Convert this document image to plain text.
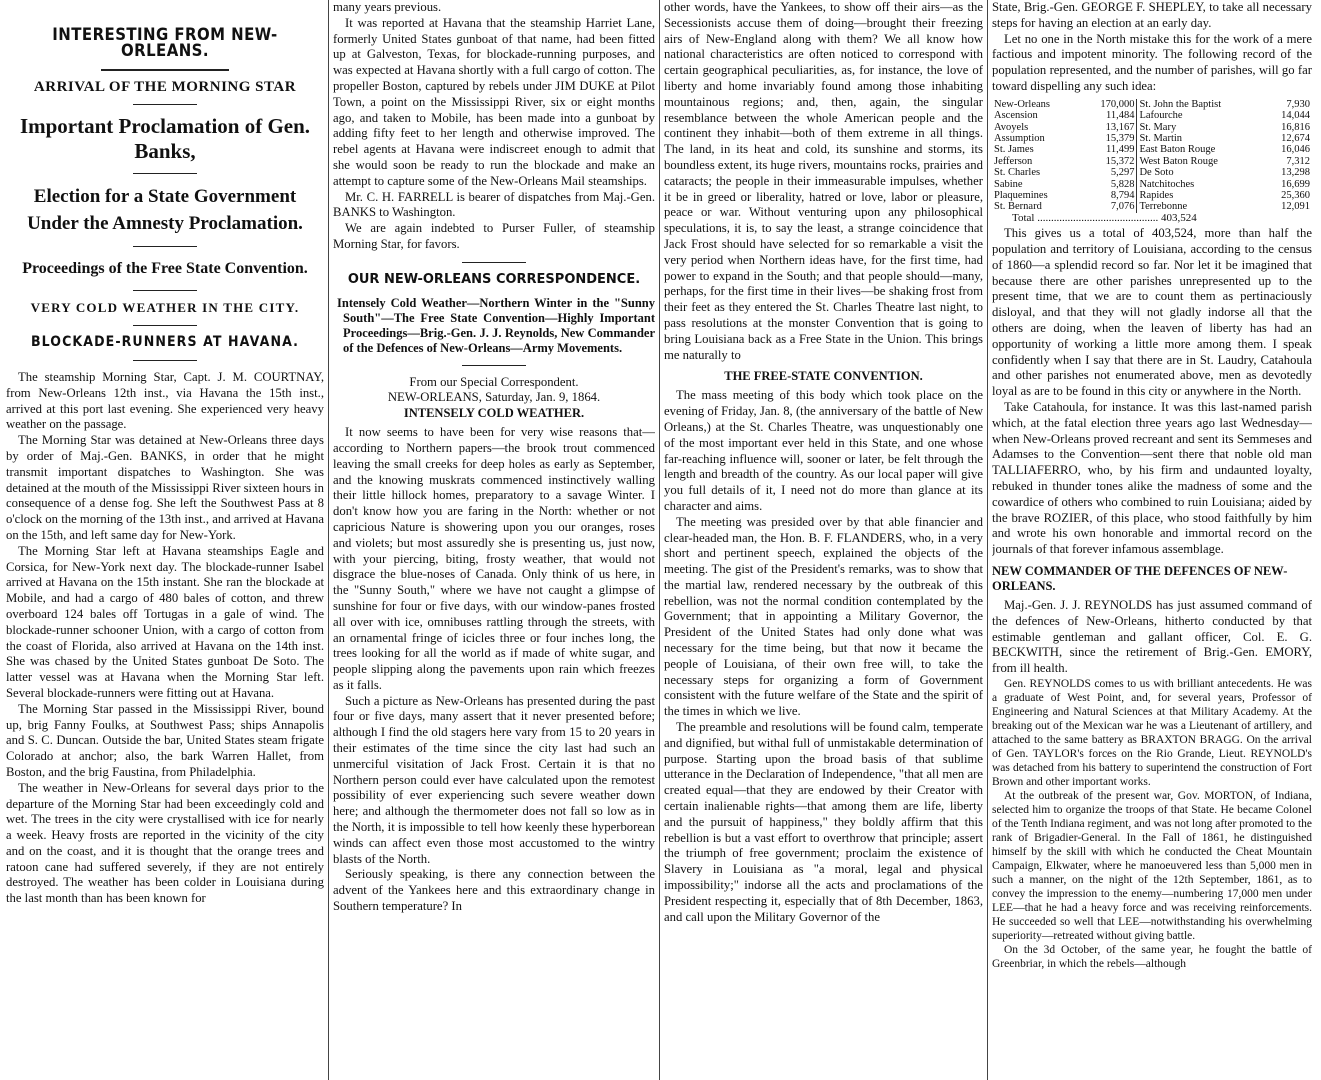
INTERESTING FROM NEW-ORLEANS.
ARRIVAL OF THE MORNING STAR
Important Proclamation of Gen. Banks,
Election for a State Government Under the Amnesty Proclamation.
Proceedings of the Free State Convention.
VERY COLD WEATHER IN THE CITY.
BLOCKADE-RUNNERS AT HAVANA.

The steamship Morning Star, Capt. J. M. COURTNAY, from New-Orleans 12th inst., via Havana the 15th inst., arrived at this port last evening. She experienced very heavy weather on the passage.

The Morning Star was detained at New-Orleans three days by order of Maj.-Gen. BANKS, in order that he might transmit important dispatches to Washington. She was detained at the mouth of the Mississippi River sixteen hours in consequence of a dense fog. She left the Southwest Pass at 8 o'clock on the morning of the 13th inst., and arrived at Havana on the 15th, and left same day for New-York.

The Morning Star left at Havana steamships Eagle and Corsica, for New-York next day. The blockade-runner Isabel arrived at Havana on the 15th instant. She ran the blockade at Mobile, and had a cargo of 480 bales of cotton, and threw overboard 124 bales off Tortugas in a gale of wind. The blockade-runner schooner Union, with a cargo of cotton from the coast of Florida, also arrived at Havana on the 14th inst. She was chased by the United States gunboat De Soto. The latter vessel was at Havana when the Morning Star left. Several blockade-runners were fitting out at Havana.

The Morning Star passed in the Mississippi River, bound up, brig Fanny Foulks, at Southwest Pass; ships Annapolis and S. C. Duncan. Outside the bar, United States steam frigate Colorado at anchor; also, the bark Warren Hallet, from Boston, and the brig Faustina, from Philadelphia.

The weather in New-Orleans for several days prior to the departure of the Morning Star had been exceedingly cold and wet. The trees in the city were crystallised with ice for nearly a week. Heavy frosts are reported in the vicinity of the city and on the coast, and it is thought that the orange trees and ratoon cane had suffered severely, if they are not entirely destroyed. The weather has been colder in Louisiana during the last month than has been known for

many years previous.

It was reported at Havana that the steamship Harriet Lane, formerly United States gunboat of that name, had been fitted up at Galveston, Texas, for blockade-running purposes, and was expected at Havana shortly with a full cargo of cotton. The propeller Boston, captured by rebels under JIM DUKE at Pilot Town, a point on the Mississippi River, six or eight months ago, and taken to Mobile, has been made into a gunboat by adding fifty feet to her length and otherwise improved. The rebel agents at Havana were indiscreet enough to admit that she would soon be ready to run the blockade and make an attempt to capture some of the New-Orleans Mail steamships.

Mr. C. H. FARRELL is bearer of dispatches from Maj.-Gen. BANKS to Washington.

We are again indebted to Purser Fuller, of steamship Morning Star, for favors.

OUR NEW-ORLEANS CORRESPONDENCE.
Intensely Cold Weather—Northern Winter in the "Sunny South"—The Free State Convention—Highly Important Proceedings—Brig.-Gen. J. J. Reynolds, New Commander of the Defences of New-Orleans—Army Movements.
From our Special Correspondent.
NEW-ORLEANS, Saturday, Jan. 9, 1864.
INTENSELY COLD WEATHER.

It now seems to have been for very wise reasons that—according to Northern papers—the brook trout commenced leaving the small creeks for deep holes as early as September, and the knowing muskrats commenced instinctively walling their little hillock homes, preparatory to a savage Winter. I don't know how you are faring in the North: whether or not capricious Nature is showering upon you our oranges, roses and violets; but most assuredly she is presenting us, just now, with your piercing, biting, frosty weather, that would not disgrace the blue-noses of Canada. Only think of us here, in the "Sunny South," where we have not caught a glimpse of sunshine for four or five days, with our window-panes frosted all over with ice, omnibuses rattling through the streets, with an ornamental fringe of icicles three or four inches long, the trees looking for all the world as if made of white sugar, and people slipping along the pavements upon rain which freezes as it falls.

Such a picture as New-Orleans has presented during the past four or five days, many assert that it never presented before; although I find the old stagers here vary from 15 to 20 years in their estimates of the time since the city last had such an unmerciful visitation of Jack Frost. Certain it is that no Northern person could ever have calculated upon the remotest possibility of ever experiencing such severe weather down here; and although the thermometer does not fall so low as in the North, it is impossible to tell how keenly these hyperborean winds can affect even those most accustomed to the wintry blasts of the North.

Seriously speaking, is there any connection between the advent of the Yankees here and this extraordinary change in Southern temperature? In

other words, have the Yankees, to show off their airs—as the Secessionists accuse them of doing—brought their freezing airs of New-England along with them? We all know how national characteristics are often noticed to correspond with certain geographical peculiarities, as, for instance, the love of liberty and home invariably found among those inhabiting mountainous regions; and, then, again, the singular resemblance between the whole American people and the continent they inhabit—both of them extreme in all things. The land, in its heat and cold, its sunshine and storms, its boundless extent, its huge rivers, mountains rocks, prairies and cataracts; the people in their immeasurable impulses, whether it be in greed or liberality, hatred or love, labor or pleasure, peace or war. Without venturing upon any philosophical speculations, it is, to say the least, a strange coincidence that Jack Frost should have selected for so remarkable a visit the very period when Northern ideas have, for the first time, had power to expand in the South; and that people should—many, perhaps, for the first time in their lives—be shaking frost from their feet as they entered the St. Charles Theatre last night, to pass resolutions at the monster Convention that is going to bring Louisiana back as a Free State in the Union. This brings me naturally to

THE FREE-STATE CONVENTION.

The mass meeting of this body which took place on the evening of Friday, Jan. 8, (the anniversary of the battle of New Orleans,) at the St. Charles Theatre, was unquestionably one of the most important ever held in this State, and one whose far-reaching influence will, sooner or later, be felt through the length and breadth of the country. As our local paper will give you full details of it, I need not do more than glance at its character and aims.

The meeting was presided over by that able financier and clear-headed man, the Hon. B. F. FLANDERS, who, in a very short and pertinent speech, explained the objects of the meeting. The gist of the President's remarks, was to show that the martial law, rendered necessary by the outbreak of this rebellion, was not the normal condition contemplated by the Government; that in appointing a Military Governor, the President of the United States had only done what was necessary for the time being, but that now it became the people of Louisiana, of their own free will, to take the necessary steps for organizing a form of Government consistent with the future welfare of the State and the spirit of the times in which we live.

The preamble and resolutions will be found calm, temperate and dignified, but withal full of unmistakable determination of purpose. Starting upon the broad basis of that sublime utterance in the Declaration of Independence, "that all men are created equal—that they are endowed by their Creator with certain inalienable rights—that among them are life, liberty and the pursuit of happiness," they boldly affirm that this rebellion is but a vast effort to overthrow that principle; assert the triumph of free government; proclaim the existence of Slavery in Louisiana as "a moral, legal and physical impossibility;" indorse all the acts and proclamations of the President respecting it, especially that of 8th December, 1863, and call upon the Military Governor of the

State, Brig.-Gen. GEORGE F. SHEPLEY, to take all necessary steps for having an election at an early day.

Let no one in the North mistake this for the work of a mere factious and impotent minority. The following record of the population represented, and the number of parishes, will go far toward dispelling any such idea:

New-Orleans	170,000	St. John the Baptist	7,930
Ascension	11,484	Lafourche	14,044
Avoyels	13,167	St. Mary	16,816
Assumption	15,379	St. Martin	12,674
St. James	11,499	East Baton Rouge	16,046
Jefferson	15,372	West Baton Rouge	7,312
St. Charles	5,297	De Soto	13,298
Sabine	5,828	Natchitoches	16,699
Plaquemines	8,794	Rapides	25,360
St. Bernard	7,076	Terrebonne	12,091
Total ............................................ 403,524

This gives us a total of 403,524, more than half the population and territory of Louisiana, according to the census of 1860—a splendid record so far. Nor let it be imagined that because there are other parishes unrepresented up to the present time, that we are to count them as pertinaciously disloyal, and that they will not gladly indorse all that the others are doing, when the leaven of liberty has had an opportunity of working a little more among them. I speak confidently when I say that there are in St. Laudry, Catahoula and other parishes not enumerated above, men as devotedly loyal as are to be found in this city or anywhere in the North.

Take Catahoula, for instance. It was this last-named parish which, at the fatal election three years ago last Wednesday—when New-Orleans proved recreant and sent its Semmeses and Adamses to the Convention—sent there that noble old man TALLIAFERRO, who, by his firm and undaunted loyalty, rebuked in thunder tones alike the madness of some and the cowardice of others who combined to ruin Louisiana; aided by the brave ROZIER, of this place, who stood faithfully by him and wrote his own honorable and immortal record on the journals of that forever infamous assemblage.

NEW COMMANDER OF THE DEFENCES OF NEW-ORLEANS.

Maj.-Gen. J. J. REYNOLDS has just assumed command of the defences of New-Orleans, hitherto conducted by that estimable gentleman and gallant officer, Col. E. G. BECKWITH, since the retirement of Brig.-Gen. EMORY, from ill health.

Gen. REYNOLDS comes to us with brilliant antecedents. He was a graduate of West Point, and, for several years, Professor of Engineering and Natural Sciences at that Military Academy. At the breaking out of the Mexican war he was a Lieutenant of artillery, and attached to the same battery as BRAXTON BRAGG. On the arrival of Gen. TAYLOR's forces on the Rio Grande, Lieut. REYNOLD's was detached from his battery to superintend the construction of Fort Brown and other important works.

At the outbreak of the present war, Gov. MORTON, of Indiana, selected him to organize the troops of that State. He became Colonel of the Tenth Indiana regiment, and was not long after promoted to the rank of Brigadier-General. In the Fall of 1861, he distinguished himself by the skill with which he conducted the Cheat Mountain Campaign, Elkwater, where he manoeuvered less than 5,000 men in such a manner, on the night of the 12th September, 1861, as to convey the impression to the enemy—numbering 17,000 men under LEE—that he had a heavy force and was receiving reinforcements. He succeeded so well that LEE—notwithstanding his overwhelming superiority—retreated without giving battle.

On the 3d October, of the same year, he fought the battle of Greenbriar, in which the rebels—although
